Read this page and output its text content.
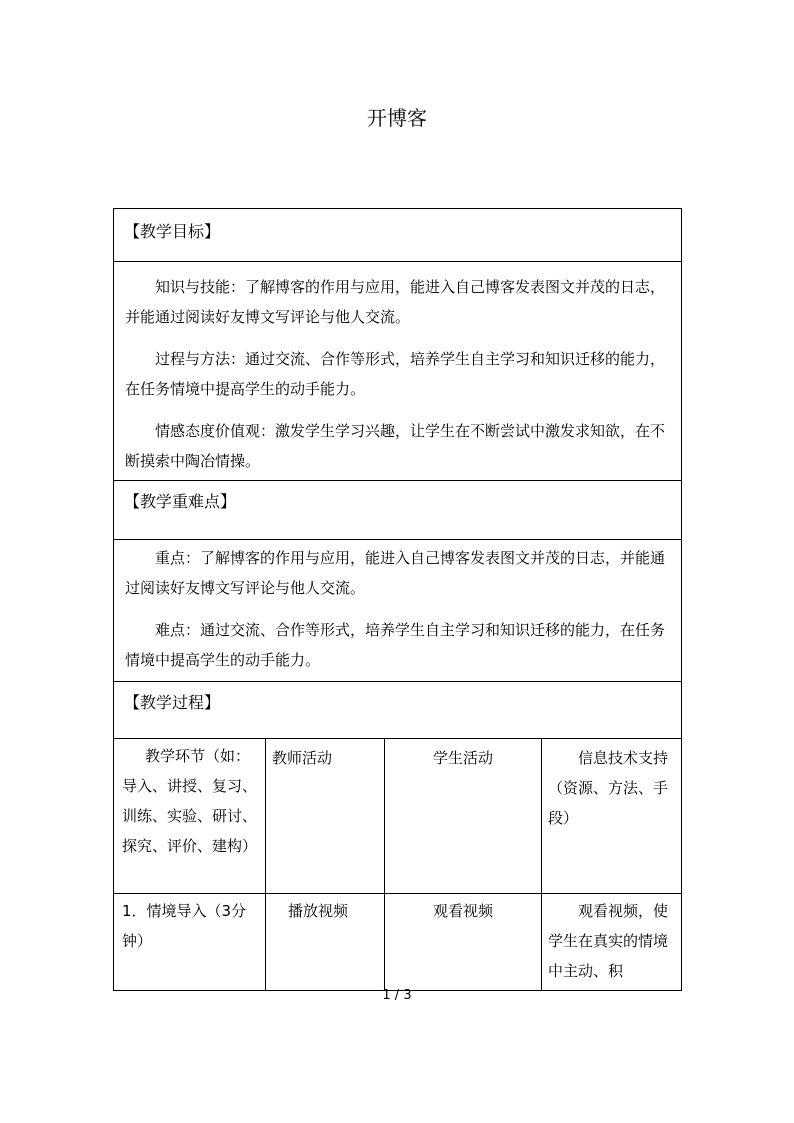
开博客
【教学目标】			

知识与技能：了解博客的作用与应用，能进入自己博客发表图文并茂的日志，并能通过阅读好友博文写评论与他人交流。

过程与方法：通过交流、合作等形式，培养学生自主学习和知识迁移的能力，在任务情境中提高学生的动手能力。

情感态度价值观：激发学生学习兴趣，让学生在不断尝试中激发求知欲，在不断摸索中陶冶情操。			

【教学重难点】			

重点：了解博客的作用与应用，能进入自己博客发表图文并茂的日志，并能通过阅读好友博文写评论与他人交流。

难点：通过交流、合作等形式，培养学生自主学习和知识迁移的能力，在任务情境中提高学生的动手能力。			

【教学过程】			

教学环节（如：导入、讲授、复习、训练、实验、研讨、探究、评价、建构）	教师活动	学生活动	信息技术支持（资源、方法、手段）

1．情境导入（3分钟）	播放视频	观看视频	观看视频，使学生在真实的情境中主动、积
1 / 3
